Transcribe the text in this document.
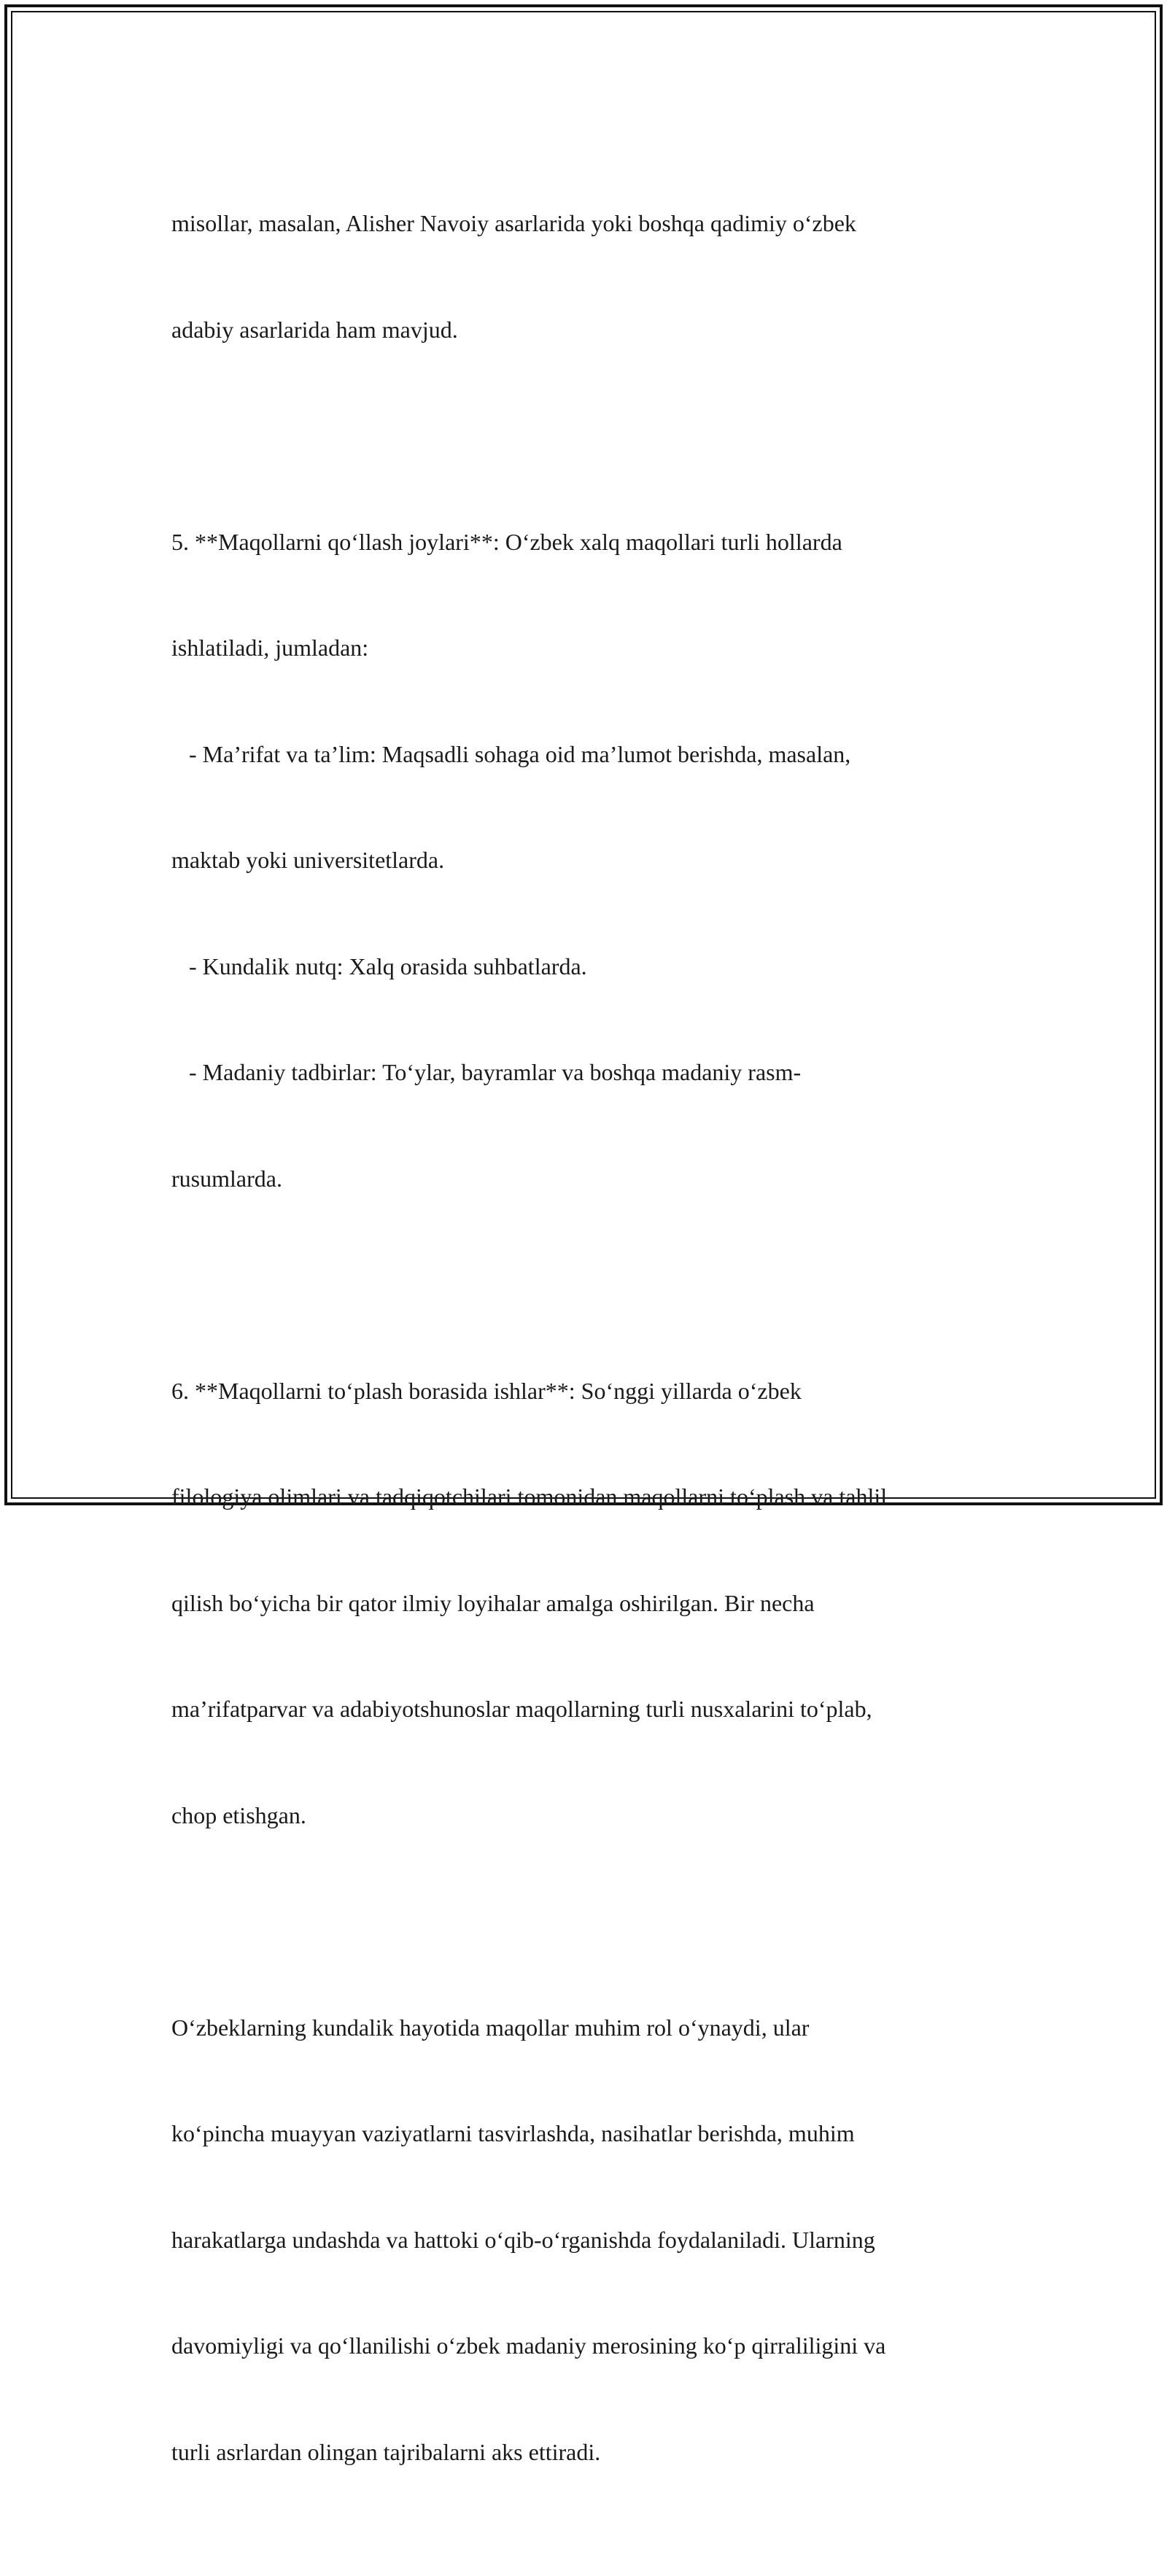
misollar, masalan, Alisher Navoiy asarlarida yoki boshqa qadimiy oʻzbek

adabiy asarlarida ham mavjud.

5. **Maqollarni qoʻllash joylari**: Oʻzbek xalq maqollari turli hollarda

ishlatiladi, jumladan:

- Maʼrifat va taʼlim: Maqsadli sohaga oid maʼlumot berishda, masalan,

maktab yoki universitetlarda.

- Kundalik nutq: Xalq orasida suhbatlarda.

- Madaniy tadbirlar: Toʻylar, bayramlar va boshqa madaniy rasm-

rusumlarda.

6. **Maqollarni toʻplash borasida ishlar**: Soʻnggi yillarda oʻzbek

filologiya olimlari va tadqiqotchilari tomonidan maqollarni toʻplash va tahlil

qilish boʻyicha bir qator ilmiy loyihalar amalga oshirilgan. Bir necha

maʼrifatparvar va adabiyotshunoslar maqollarning turli nusxalarini toʻplab,

chop etishgan.

Oʻzbeklarning kundalik hayotida maqollar muhim rol oʻynaydi, ular

koʻpincha muayyan vaziyatlarni tasvirlashda, nasihatlar berishda, muhim

harakatlarga undashda va hattoki oʻqib-oʻrganishda foydalaniladi. Ularning

davomiyligi va qoʻllanilishi oʻzbek madaniy merosining koʻp qirraliligini va

turli asrlardan olingan tajribalarni aks ettiradi.
